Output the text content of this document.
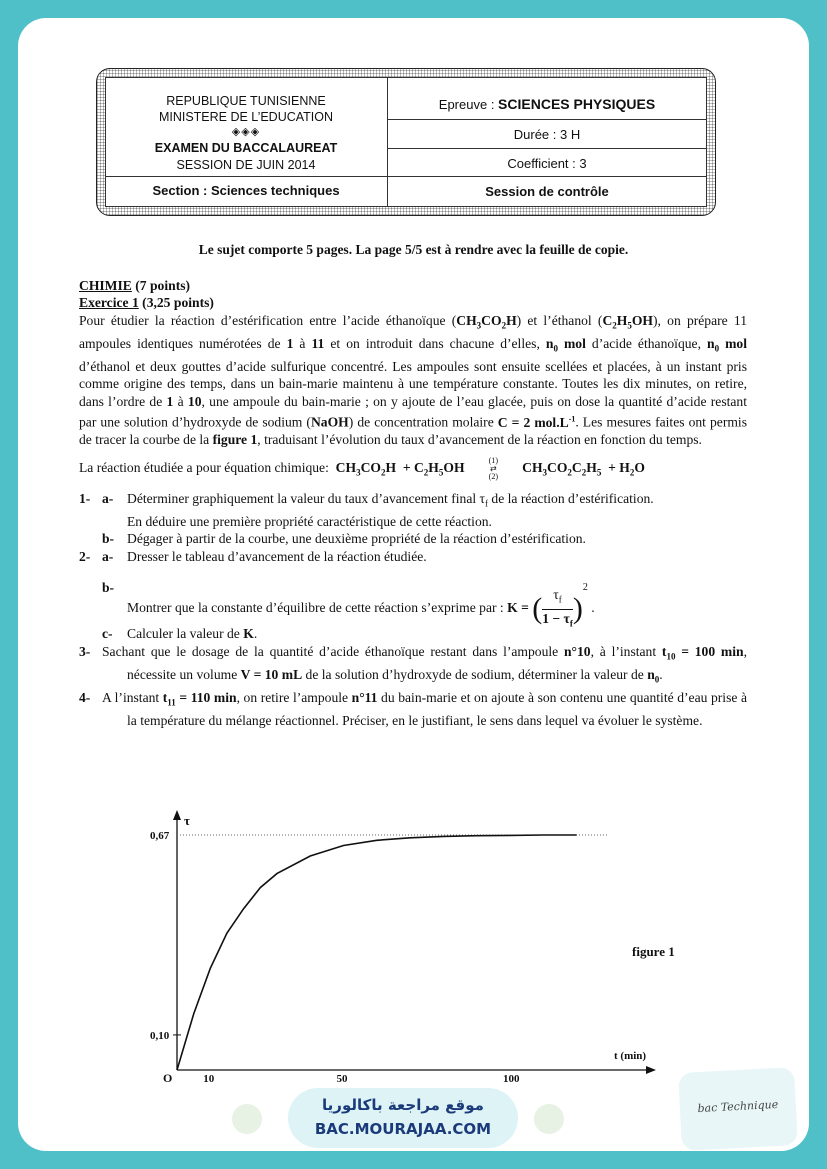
REPUBLIQUE TUNISIENNE
MINISTERE DE L’EDUCATION
◈◈◈
EXAMEN DU BACCALAUREAT
SESSION DE JUIN 2014
Section : Sciences techniques
Epreuve : SCIENCES PHYSIQUES
Durée : 3 H
Coefficient : 3
Session de contrôle
Le sujet comporte 5 pages. La page 5/5 est à rendre avec la feuille de copie.

CHIMIE (7 points)

Exercice 1 (3,25 points)

Pour étudier la réaction d’estérification entre l’acide éthanoïque $(CH_3CO_2H)$ et l’éthanol $(C_2H_5OH)$, on prépare 11 ampoules identiques numérotées de 1 à 11 et on introduit dans chacune d’elles, $n_0$ mol d’acide éthanoïque, $n_0$ mol d’éthanol et deux gouttes d’acide sulfurique concentré. Les ampoules sont ensuite scellées et placées, à un instant pris comme origine des temps, dans un bain-marie maintenu à une température constante. Toutes les dix minutes, on retire, dans l’ordre de 1 à 10, une ampoule du bain-marie ; on y ajoute de l’eau glacée, puis on dose la quantité d’acide restant par une solution d’hydroxyde de sodium (NaOH) de concentration molaire C = 2 $mol.L^{-1}$. Les mesures faites ont permis de tracer la courbe de la figure 1, traduisant l’évolution du taux d’avancement de la réaction en fonction du temps.

La réaction étudiée a pour équation chimique:  $CH_3CO_2H + C_2H_5OH$	(1)
⇄
(2)  $CH_3CO_2C_2H_5 + H_2O$

1- a- Déterminer graphiquement la valeur du taux d’avancement final $\tau_f$ de la réaction d’estérification.
En déduire une première propriété caractéristique de cette réaction.

b- Dégager à partir de la courbe, une deuxième propriété de la réaction d’estérification.

2- a- Dresser le tableau d’avancement de la réaction étudiée.

b-
Montrer que la constante d’équilibre de cette réaction s’exprime par : K = ( $\frac{\tau_f}{1 - \tau_f})^2$ .

c- Calculer la valeur de K.

3- Sachant que le dosage de la quantité d’acide éthanoïque restant dans l’ampoule n°10, à l’instant $t_{10} = 100$ min, nécessite un volume V = 10 mL de la solution d’hydroxyde de sodium, déterminer la valeur de $n_0$.

4- A l’instant $t_{11} = 110$ min, on retire l’ampoule n°11 du bain-marie et on ajoute à son contenu une quantité d’eau prise à la température du mélange réactionnel. Préciser, en le justifiant, le sens dans lequel va évoluer le système.

τ
t (min)
O
0,67
0,10
10	50	100
figure 1
موقع مراجعة باكالوريا
BAC.MOURAJAA.COM
bac Technique
